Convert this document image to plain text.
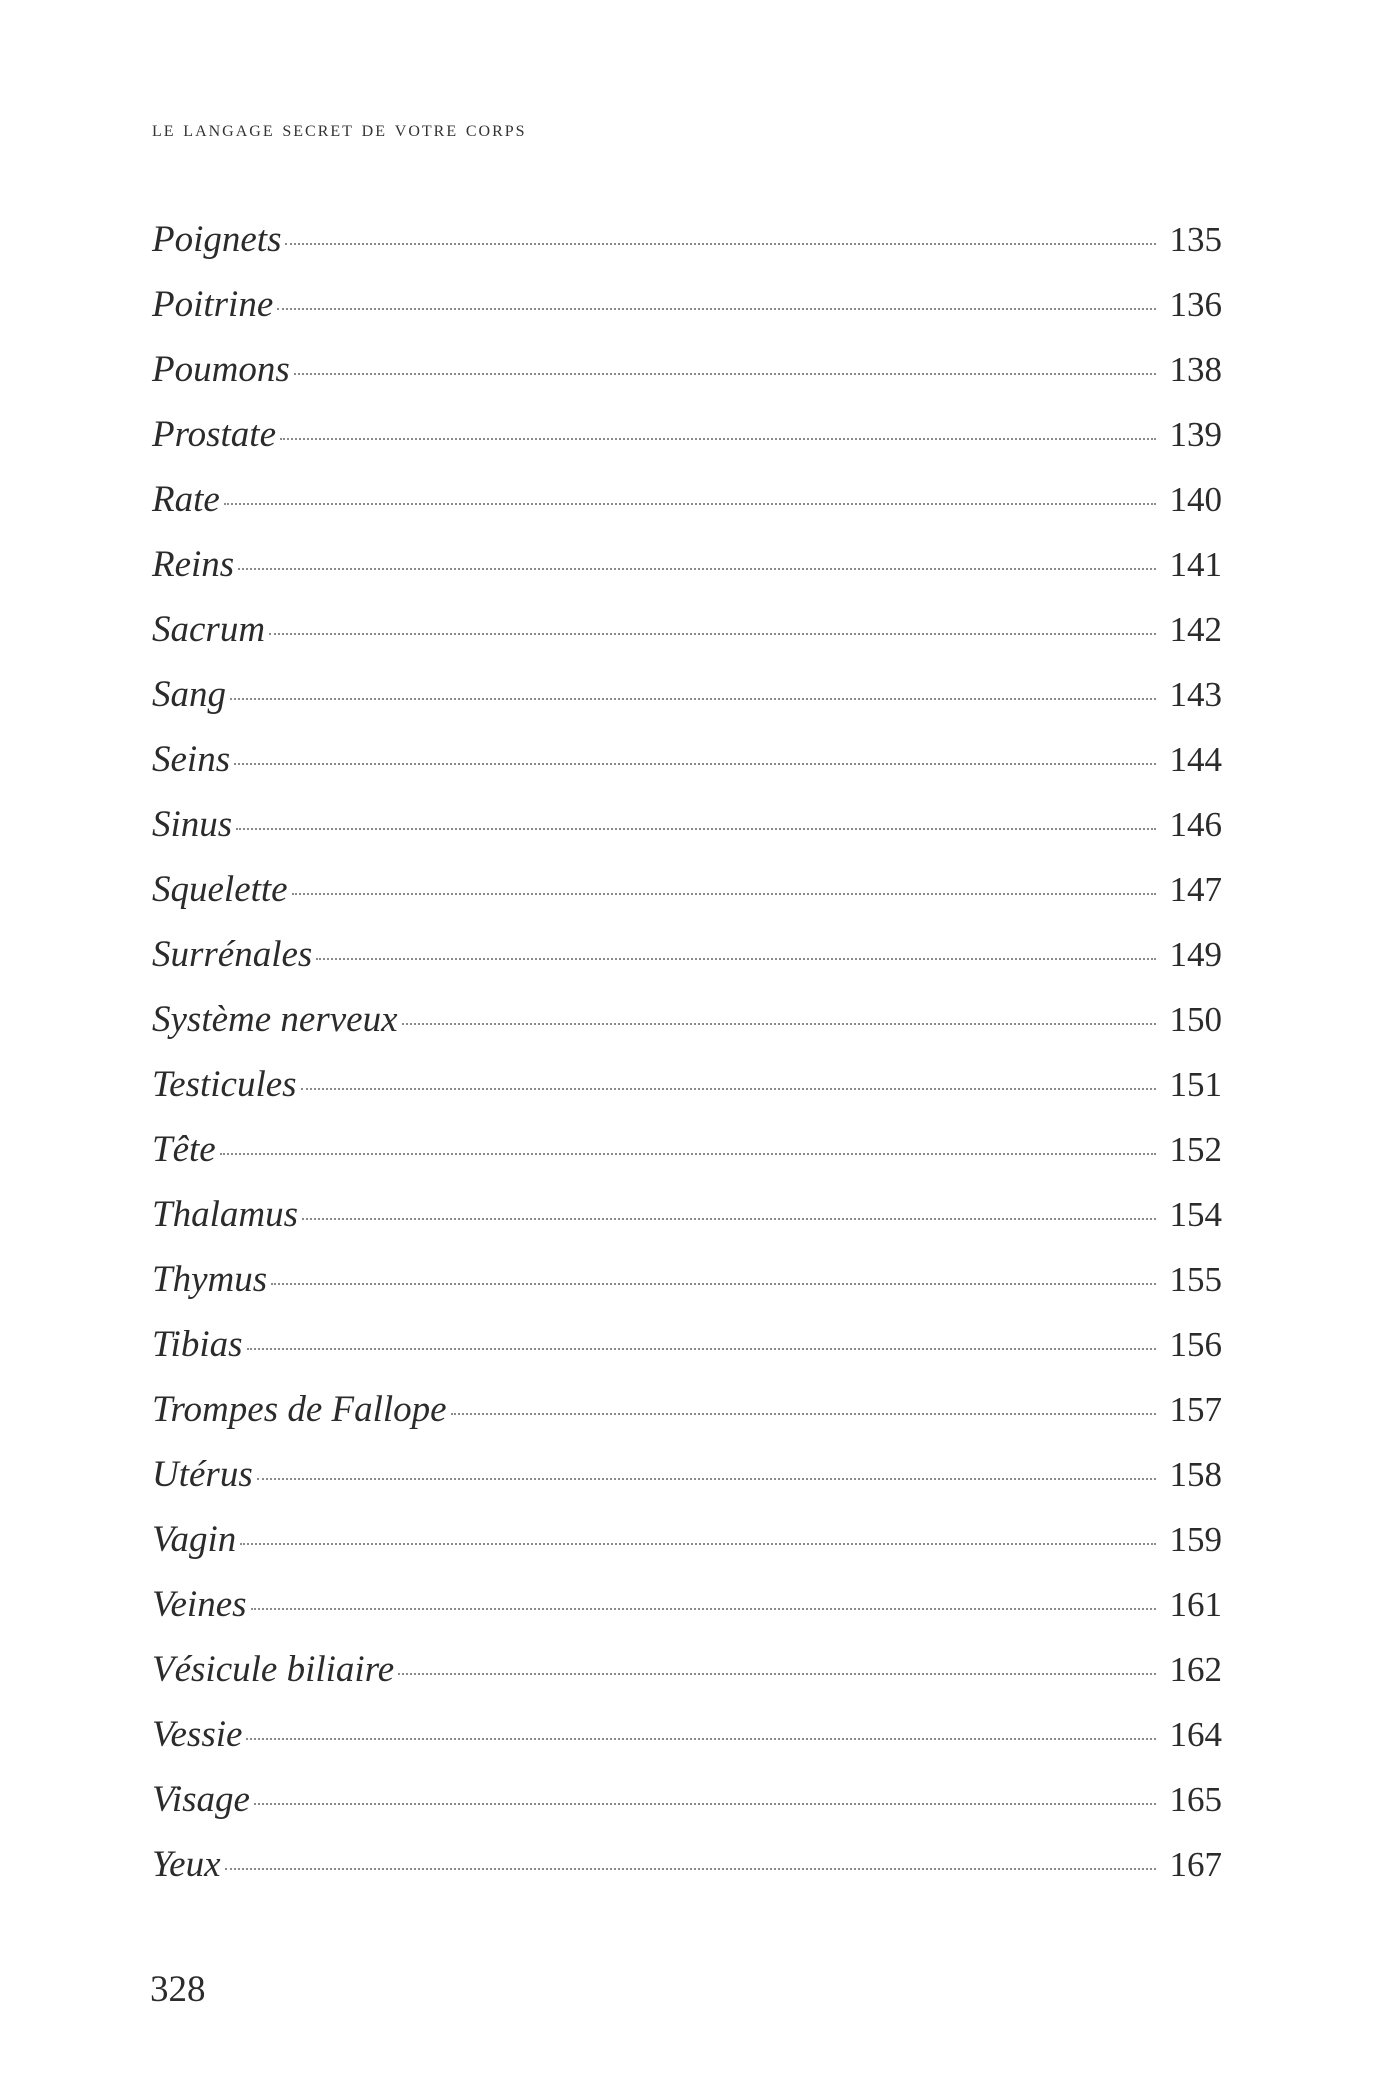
le langage secret de votre corps
Poignets	135
Poitrine	136
Poumons	138
Prostate	139
Rate	140
Reins	141
Sacrum	142
Sang	143
Seins	144
Sinus	146
Squelette	147
Surrénales	149
Système nerveux	150
Testicules	151
Tête	152
Thalamus	154
Thymus	155
Tibias	156
Trompes de Fallope	157
Utérus	158
Vagin	159
Veines	161
Vésicule biliaire	162
Vessie	164
Visage	165
Yeux	167
328
